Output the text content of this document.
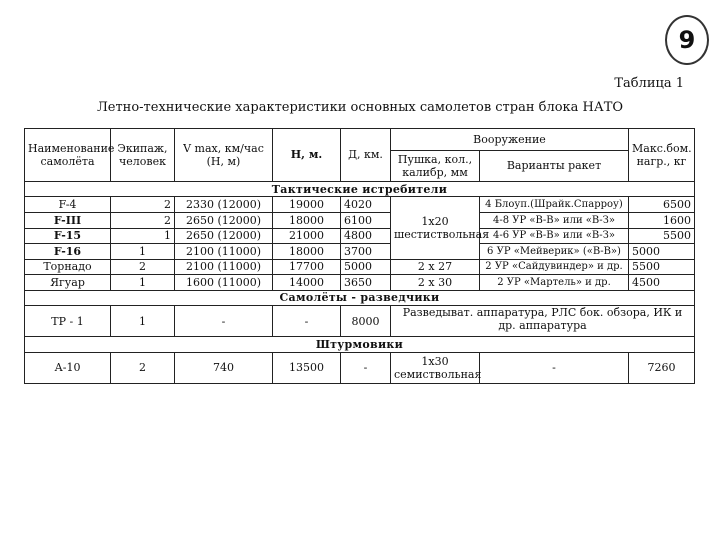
9
Таблица 1
Летно-технические характеристики основных самолетов стран блока НАТО
Наименование самолёта	Экипаж, человек	V max, км/час (H, м)	H, м.	Д, км.	Вооружение		Макс.бом. нагр., кг
					Пушка, кол., калибр, мм	Варианты ракет	
Тактические истребители							
F-4	2	2330 (12000)	19000	4020	1х20 шестиствольная	4 Блоуп.(Шрайк.Спарроу)	6500
F-III	2	2650 (12000)	18000	6100		4-8 УР «В-В» или «В-З»	1600
F-15	1	2650 (12000)	21000	4800		4-6 УР «В-В» или «В-З»	5500
F-16	1	2100 (11000)	18000	3700		6 УР «Мейверик» («В-В»)	5000
Торнадо	2	2100 (11000)	17700	5000	2 х 27	2 УР «Сайдувиндер» и др.	5500
Ягуар	1	1600 (11000)	14000	3650	2 х 30	2 УР «Мартель» и др.	4500
Самолёты - разведчики							
ТР - 1	1	-	-	8000	Разведыват. аппаратура, РЛС бок. обзора, ИК и др. аппаратура		
Штурмовики							
А-10	2	740	13500	-	1х30 семиствольная	-	7260
